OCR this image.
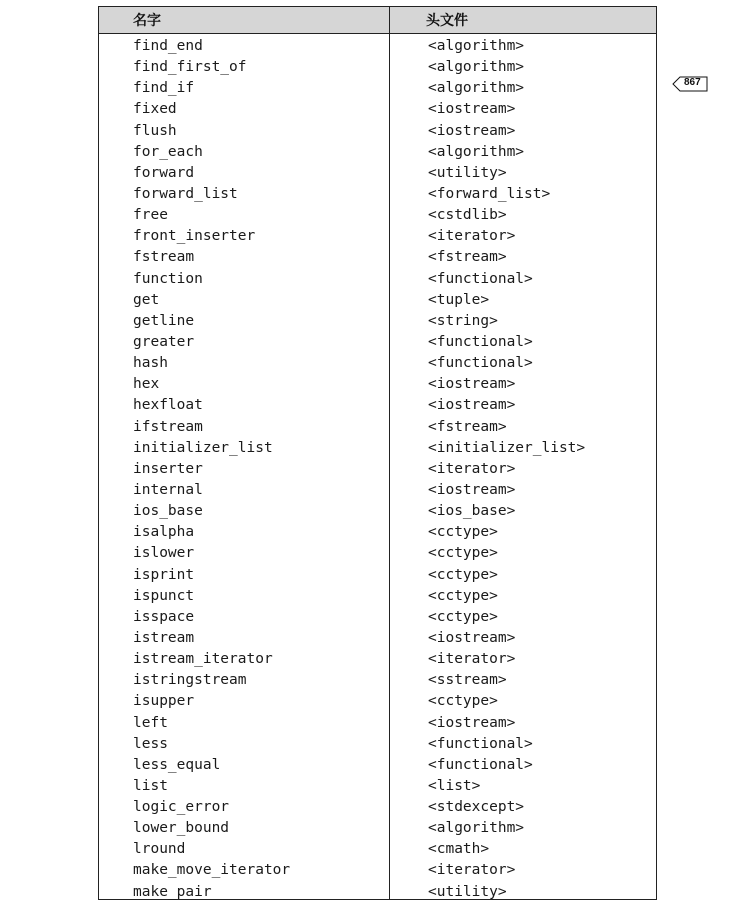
名字	头文件
find_end	<algorithm>
find_first_of	<algorithm>
find_if	<algorithm>
fixed	<iostream>
flush	<iostream>
for_each	<algorithm>
forward	<utility>
forward_list	<forward_list>
free	<cstdlib>
front_inserter	<iterator>
fstream	<fstream>
function	<functional>
get	<tuple>
getline	<string>
greater	<functional>
hash	<functional>
hex	<iostream>
hexfloat	<iostream>
ifstream	<fstream>
initializer_list	<initializer_list>
inserter	<iterator>
internal	<iostream>
ios_base	<ios_base>
isalpha	<cctype>
islower	<cctype>
isprint	<cctype>
ispunct	<cctype>
isspace	<cctype>
istream	<iostream>
istream_iterator	<iterator>
istringstream	<sstream>
isupper	<cctype>
left	<iostream>
less	<functional>
less_equal	<functional>
list	<list>
logic_error	<stdexcept>
lower_bound	<algorithm>
lround	<cmath>
make_move_iterator	<iterator>
make_pair	<utility>
867
